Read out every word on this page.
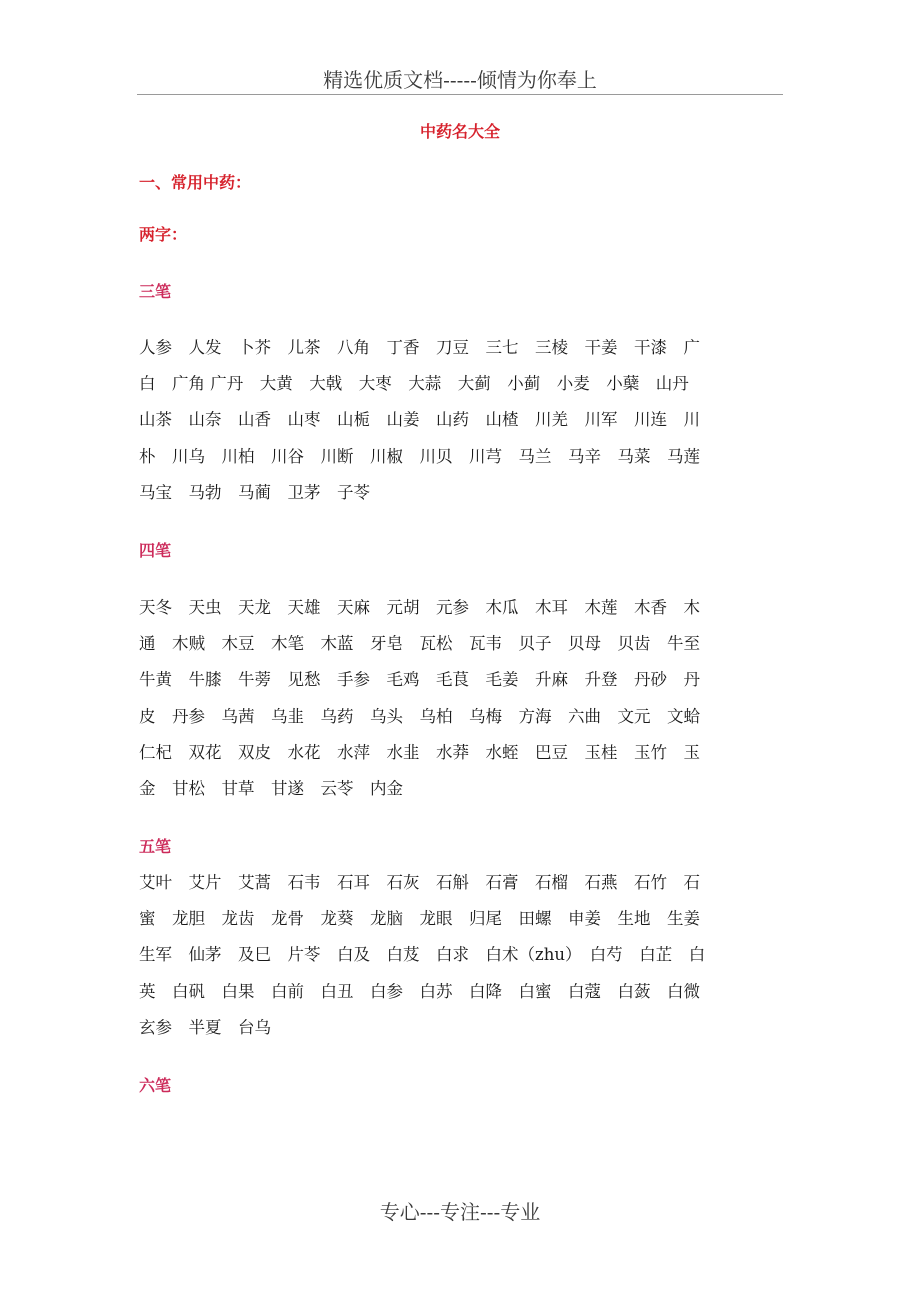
精选优质文档-----倾情为你奉上
中药名大全
一、常用中药：
两字：
三笔
人参　人发　卜芥　儿茶　八角　丁香　刀豆　三七　三棱　干姜　干漆　广
白　广角 广丹　大黄　大戟　大枣　大蒜　大蓟　小蓟　小麦　小蘖　山丹
山茶　山奈　山香　山枣　山栀　山姜　山药　山楂　川羌　川军　川连　川
朴　川乌　川柏　川谷　川断　川椒　川贝　川芎　马兰　马辛　马菜　马莲
马宝　马勃　马蔺　卫茅　子苓
四笔
天冬　天虫　天龙　天雄　天麻　元胡　元参　木瓜　木耳　木莲　木香　木
通　木贼　木豆　木笔　木蓝　牙皂　瓦松　瓦韦　贝子　贝母　贝齿　牛至
牛黄　牛膝　牛蒡　见愁　手参　毛鸡　毛茛　毛姜　升麻　升登　丹砂　丹
皮　丹参　乌茜　乌韭　乌药　乌头　乌柏　乌梅　方海　六曲　文元　文蛤
仁杞　双花　双皮　水花　水萍　水韭　水莽　水蛭　巴豆　玉桂　玉竹　玉
金　甘松　甘草　甘遂　云苓　内金
五笔
艾叶　艾片　艾蒿　石韦　石耳　石灰　石斛　石膏　石榴　石燕　石竹　石
蜜　龙胆　龙齿　龙骨　龙葵　龙脑　龙眼　归尾　田螺　申姜　生地　生姜
生军　仙茅　及巳　片苓　白及　白芨　白求　白术（zhu）　白芍　白芷　白
英　白矾　白果　白前　白丑　白参　白苏　白降　白蜜　白蔻　白蔹　白微
玄参　半夏　台乌
六笔
专心---专注---专业
